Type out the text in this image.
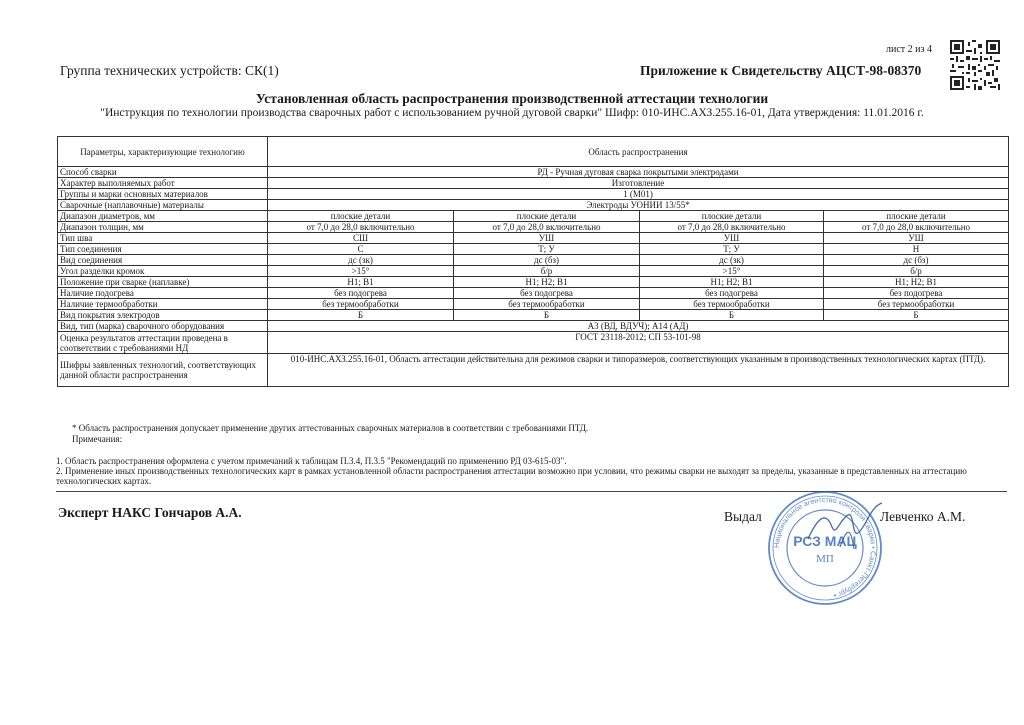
лист 2 из 4
Группа технических устройств: СК(1)	Приложение к Свидетельству АЦСТ-98-08370
Установленная область распространения производственной аттестации технологии
"Инструкция по технологии производства сварочных работ с использованием ручной дуговой сварки" Шифр: 010-ИНС.АХЗ.255.16-01, Дата утверждения: 11.01.2016 г.
Параметры, характеризующие технологию	Область распространения			
Способ сварки	РД - Ручная дуговая сварка покрытыми электродами			
Характер выполняемых работ	Изготовление			
Группы и марки основных материалов	1 (М01)			
Сварочные (наплавочные) материалы	Электроды УОНИИ 13/55*			
Диапазон диаметров, мм	плоские детали	плоские детали	плоские детали	плоские детали
Диапазон толщин, мм	от 7,0 до 28,0 включительно	от 7,0 до 28,0 включительно	от 7,0 до 28,0 включительно	от 7,0 до 28,0 включительно
Тип шва	СШ	УШ	УШ	УШ
Тип соединения	С	Т; У	Т; У	Н
Вид соединения	дс (зк)	дс (бз)	дс (зк)	дс (бз)
Угол разделки кромок	>15°	б/р	>15°	б/р
Положение при сварке (наплавке)	Н1; В1	Н1; Н2; В1	Н1; Н2; В1	Н1; Н2; В1
Наличие подогрева	без подогрева	без подогрева	без подогрева	без подогрева
Наличие термообработки	без термообработки	без термообработки	без термообработки	без термообработки
Вид покрытия электродов	Б	Б	Б	Б
Вид, тип (марка) сварочного оборудования	А3 (ВД, ВДУЧ); А14 (АД)			
Оценка результатов аттестации проведена в соответствии с требованиями НД	ГОСТ 23118-2012; СП 53-101-98			
Шифры заявленных технологий, соответствующих данной области распространения	010-ИНС.АХЗ.255.16-01, Область аттестации действительна для режимов сварки и типоразмеров, соответствующих указанным в производственных технологических картах (ПТД).			
* Область распространения допускает применение других аттестованных сварочных материалов в соответствии с требованиями ПТД.
Примечания:
1. Область распространения оформлена с учетом примечаний к таблицам П.3.4, П.3.5 "Рекомендаций по применению РД 03-615-03".
2. Применение иных производственных технологических карт в рамках установленной области распространения аттестации возможно при условии, что режимы сварки не выходят за пределы, указанные в представленных на аттестацию технологических картах.
Эксперт НАКС Гончаров А.А.	Выдал	Левченко А.М.
Национальное агентство контроля сварки • Санкт-Петербург •
РСЗ МАЦ
МП
